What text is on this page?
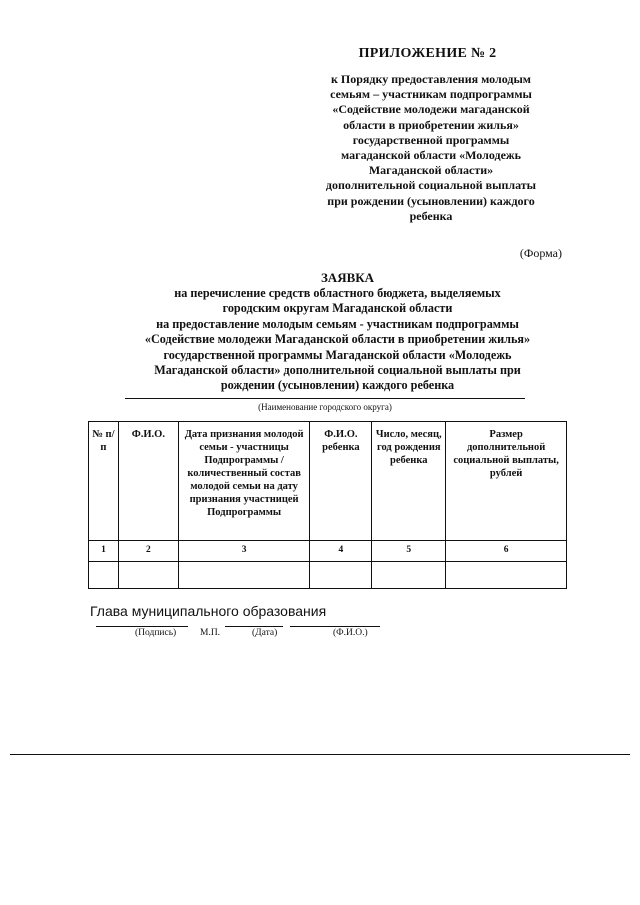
ПРИЛОЖЕНИЕ № 2
к Порядку предоставления молодым
семьям – участникам подпрограммы
«Содействие молодежи магаданской
области в приобретении жилья»
государственной программы
магаданской области «Молодежь
Магаданской области»
дополнительной социальной выплаты
при рождении (усыновлении) каждого
ребенка
(Форма)
ЗАЯВКА
на перечисление средств областного бюджета, выделяемых
городским округам Магаданской области
на предоставление молодым семьям - участникам подпрограммы
«Содействие молодежи Магаданской области в приобретении жилья»
государственной программы Магаданской области «Молодежь
Магаданской области» дополнительной социальной выплаты при
рождении (усыновлении) каждого ребенка
(Наименование городского округа)
№ п/п	Ф.И.О.	Дата признания молодой семьи - участницы Подпрограммы / количественный состав молодой семьи на дату признания участницей Подпрограммы	Ф.И.О. ребенка	Число, месяц, год рождения ребенка	Размер дополнительной социальной выплаты, рублей
1	2	3	4	5	6

Глава муниципального образования
(Подпись)	М.П.	(Дата)	(Ф.И.О.)
